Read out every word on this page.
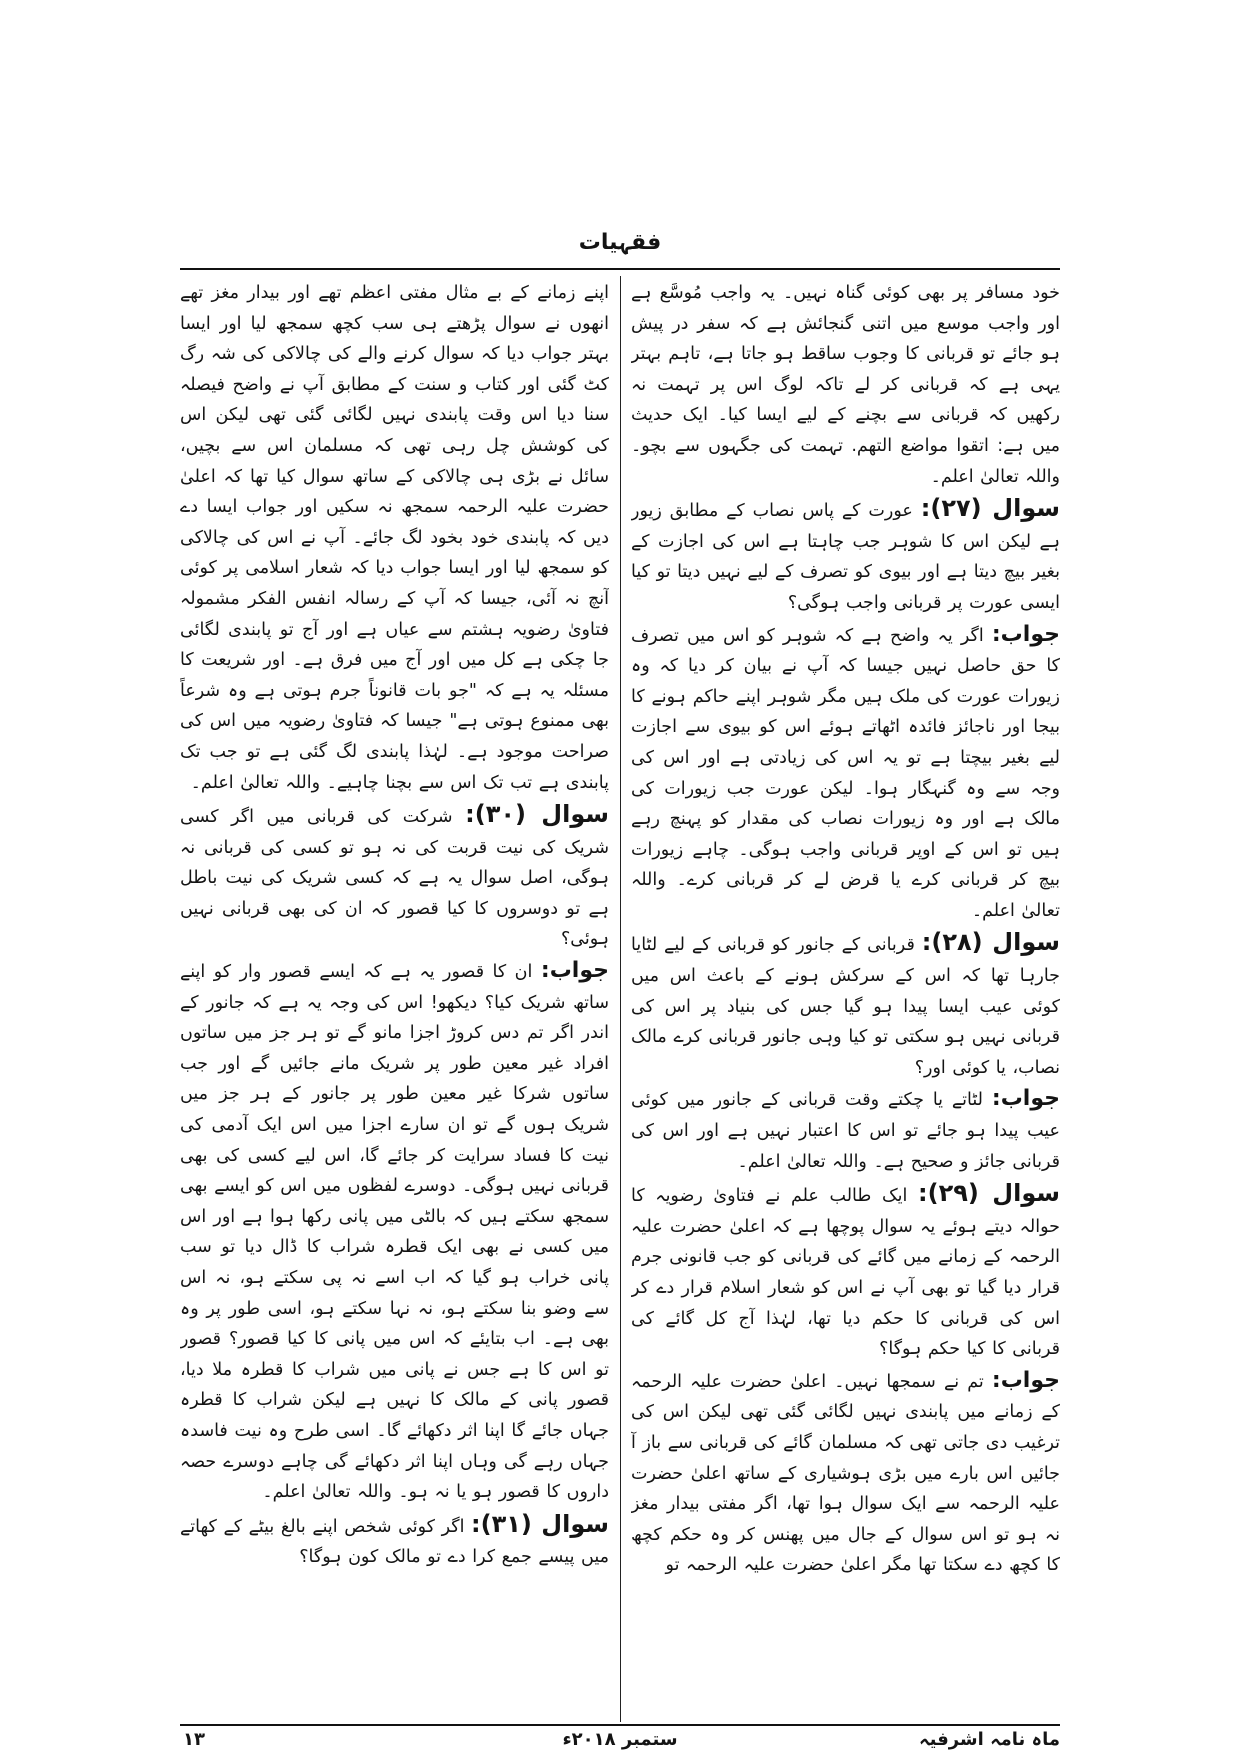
فقہیات

خود مسافر پر بھی کوئی گناہ نہیں۔ یہ واجب مُوسَّع ہے اور واجب موسع میں اتنی گنجائش ہے کہ سفر در پیش ہو جائے تو قربانی کا وجوب ساقط ہو جاتا ہے، تاہم بہتر یہی ہے کہ قربانی کر لے تاکہ لوگ اس پر تہمت نہ رکھیں کہ قربانی سے بچنے کے لیے ایسا کیا۔ ایک حدیث میں ہے: اتقوا مواضع التھم. تہمت کی جگہوں سے بچو۔ واللہ تعالیٰ اعلم۔

سوال (۲۷): عورت کے پاس نصاب کے مطابق زیور ہے لیکن اس کا شوہر جب چاہتا ہے اس کی اجازت کے بغیر بیچ دیتا ہے اور بیوی کو تصرف کے لیے نہیں دیتا تو کیا ایسی عورت پر قربانی واجب ہوگی؟

جواب: اگر یہ واضح ہے کہ شوہر کو اس میں تصرف کا حق حاصل نہیں جیسا کہ آپ نے بیان کر دیا کہ وہ زیورات عورت کی ملک ہیں مگر شوہر اپنے حاکم ہونے کا بیجا اور ناجائز فائدہ اٹھاتے ہوئے اس کو بیوی سے اجازت لیے بغیر بیچتا ہے تو یہ اس کی زیادتی ہے اور اس کی وجہ سے وہ گنہگار ہوا۔ لیکن عورت جب زیورات کی مالک ہے اور وہ زیورات نصاب کی مقدار کو پہنچ رہے ہیں تو اس کے اوپر قربانی واجب ہوگی۔ چاہے زیورات بیچ کر قربانی کرے یا قرض لے کر قربانی کرے۔ واللہ تعالیٰ اعلم۔

سوال (۲۸): قربانی کے جانور کو قربانی کے لیے لٹایا جارہا تھا کہ اس کے سرکش ہونے کے باعث اس میں کوئی عیب ایسا پیدا ہو گیا جس کی بنیاد پر اس کی قربانی نہیں ہو سکتی تو کیا وہی جانور قربانی کرے مالک نصاب، یا کوئی اور؟

جواب: لٹاتے یا چکتے وقت قربانی کے جانور میں کوئی عیب پیدا ہو جائے تو اس کا اعتبار نہیں ہے اور اس کی قربانی جائز و صحیح ہے۔ واللہ تعالیٰ اعلم۔

سوال (۲۹): ایک طالب علم نے فتاویٰ رضویہ کا حوالہ دیتے ہوئے یہ سوال پوچھا ہے کہ اعلیٰ حضرت علیہ الرحمہ کے زمانے میں گائے کی قربانی کو جب قانونی جرم قرار دیا گیا تو بھی آپ نے اس کو شعار اسلام قرار دے کر اس کی قربانی کا حکم دیا تھا، لہٰذا آج کل گائے کی قربانی کا کیا حکم ہوگا؟

جواب: تم نے سمجھا نہیں۔ اعلیٰ حضرت علیہ الرحمہ کے زمانے میں پابندی نہیں لگائی گئی تھی لیکن اس کی ترغیب دی جاتی تھی کہ مسلمان گائے کی قربانی سے باز آ جائیں اس بارے میں بڑی ہوشیاری کے ساتھ اعلیٰ حضرت علیہ الرحمہ سے ایک سوال ہوا تھا، اگر مفتی بیدار مغز نہ ہو تو اس سوال کے جال میں پھنس کر وہ حکم کچھ کا کچھ دے سکتا تھا مگر اعلیٰ حضرت علیہ الرحمہ تو

اپنے زمانے کے بے مثال مفتی اعظم تھے اور بیدار مغز تھے انھوں نے سوال پڑھتے ہی سب کچھ سمجھ لیا اور ایسا بہتر جواب دیا کہ سوال کرنے والے کی چالاکی کی شہ رگ کٹ گئی اور کتاب و سنت کے مطابق آپ نے واضح فیصلہ سنا دیا اس وقت پابندی نہیں لگائی گئی تھی لیکن اس کی کوشش چل رہی تھی کہ مسلمان اس سے بچیں، سائل نے بڑی ہی چالاکی کے ساتھ سوال کیا تھا کہ اعلیٰ حضرت علیہ الرحمہ سمجھ نہ سکیں اور جواب ایسا دے دیں کہ پابندی خود بخود لگ جائے۔ آپ نے اس کی چالاکی کو سمجھ لیا اور ایسا جواب دیا کہ شعار اسلامی پر کوئی آنچ نہ آئی، جیسا کہ آپ کے رسالہ انفس الفکر مشمولہ فتاویٰ رضویہ ہشتم سے عیاں ہے اور آج تو پابندی لگائی جا چکی ہے کل میں اور آج میں فرق ہے۔ اور شریعت کا مسئلہ یہ ہے کہ "جو بات قانوناً جرم ہوتی ہے وہ شرعاً بھی ممنوع ہوتی ہے" جیسا کہ فتاویٰ رضویہ میں اس کی صراحت موجود ہے۔ لہٰذا پابندی لگ گئی ہے تو جب تک پابندی ہے تب تک اس سے بچنا چاہیے۔ واللہ تعالیٰ اعلم۔

سوال (۳۰): شرکت کی قربانی میں اگر کسی شریک کی نیت قربت کی نہ ہو تو کسی کی قربانی نہ ہوگی، اصل سوال یہ ہے کہ کسی شریک کی نیت باطل ہے تو دوسروں کا کیا قصور کہ ان کی بھی قربانی نہیں ہوئی؟

جواب: ان کا قصور یہ ہے کہ ایسے قصور وار کو اپنے ساتھ شریک کیا؟ دیکھو! اس کی وجہ یہ ہے کہ جانور کے اندر اگر تم دس کروڑ اجزا مانو گے تو ہر جز میں ساتوں افراد غیر معین طور پر شریک مانے جائیں گے اور جب ساتوں شرکا غیر معین طور پر جانور کے ہر جز میں شریک ہوں گے تو ان سارے اجزا میں اس ایک آدمی کی نیت کا فساد سرایت کر جائے گا، اس لیے کسی کی بھی قربانی نہیں ہوگی۔ دوسرے لفظوں میں اس کو ایسے بھی سمجھ سکتے ہیں کہ بالٹی میں پانی رکھا ہوا ہے اور اس میں کسی نے بھی ایک قطرہ شراب کا ڈال دیا تو سب پانی خراب ہو گیا کہ اب اسے نہ پی سکتے ہو، نہ اس سے وضو بنا سکتے ہو، نہ نہا سکتے ہو، اسی طور پر وہ بھی ہے۔ اب بتایئے کہ اس میں پانی کا کیا قصور؟ قصور تو اس کا ہے جس نے پانی میں شراب کا قطرہ ملا دیا، قصور پانی کے مالک کا نہیں ہے لیکن شراب کا قطرہ جہاں جائے گا اپنا اثر دکھائے گا۔ اسی طرح وہ نیت فاسدہ جہاں رہے گی وہاں اپنا اثر دکھائے گی چاہے دوسرے حصہ داروں کا قصور ہو یا نہ ہو۔ واللہ تعالیٰ اعلم۔

سوال (۳۱): اگر کوئی شخص اپنے بالغ بیٹے کے کھاتے میں پیسے جمع کرا دے تو مالک کون ہوگا؟

۱۳	ستمبر ۲۰۱۸ء	ماہ نامہ اشرفیہ
